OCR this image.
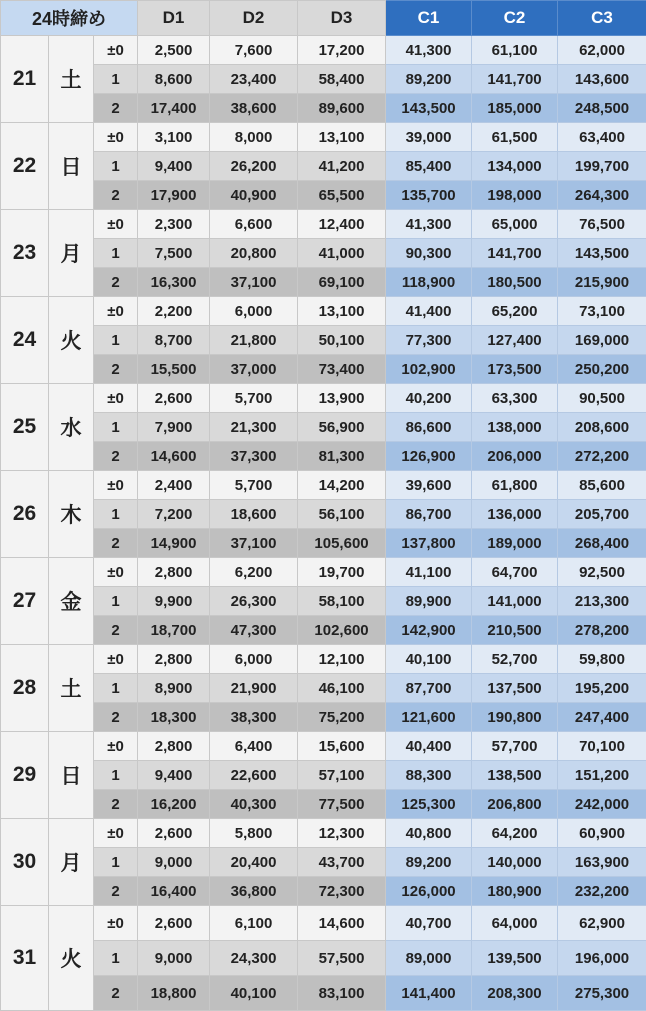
24時締め			D1	D2	D3	C1	C2	C3
21	土	±0	2,500	7,600	17,200	41,300	61,100	62,000
		1	8,600	23,400	58,400	89,200	141,700	143,600
		2	17,400	38,600	89,600	143,500	185,000	248,500
22	日	±0	3,100	8,000	13,100	39,000	61,500	63,400
		1	9,400	26,200	41,200	85,400	134,000	199,700
		2	17,900	40,900	65,500	135,700	198,000	264,300
23	月	±0	2,300	6,600	12,400	41,300	65,000	76,500
		1	7,500	20,800	41,000	90,300	141,700	143,500
		2	16,300	37,100	69,100	118,900	180,500	215,900
24	火	±0	2,200	6,000	13,100	41,400	65,200	73,100
		1	8,700	21,800	50,100	77,300	127,400	169,000
		2	15,500	37,000	73,400	102,900	173,500	250,200
25	水	±0	2,600	5,700	13,900	40,200	63,300	90,500
		1	7,900	21,300	56,900	86,600	138,000	208,600
		2	14,600	37,300	81,300	126,900	206,000	272,200
26	木	±0	2,400	5,700	14,200	39,600	61,800	85,600
		1	7,200	18,600	56,100	86,700	136,000	205,700
		2	14,900	37,100	105,600	137,800	189,000	268,400
27	金	±0	2,800	6,200	19,700	41,100	64,700	92,500
		1	9,900	26,300	58,100	89,900	141,000	213,300
		2	18,700	47,300	102,600	142,900	210,500	278,200
28	土	±0	2,800	6,000	12,100	40,100	52,700	59,800
		1	8,900	21,900	46,100	87,700	137,500	195,200
		2	18,300	38,300	75,200	121,600	190,800	247,400
29	日	±0	2,800	6,400	15,600	40,400	57,700	70,100
		1	9,400	22,600	57,100	88,300	138,500	151,200
		2	16,200	40,300	77,500	125,300	206,800	242,000
30	月	±0	2,600	5,800	12,300	40,800	64,200	60,900
		1	9,000	20,400	43,700	89,200	140,000	163,900
		2	16,400	36,800	72,300	126,000	180,900	232,200
31	火	±0	2,600	6,100	14,600	40,700	64,000	62,900
		1	9,000	24,300	57,500	89,000	139,500	196,000
		2	18,800	40,100	83,100	141,400	208,300	275,300
